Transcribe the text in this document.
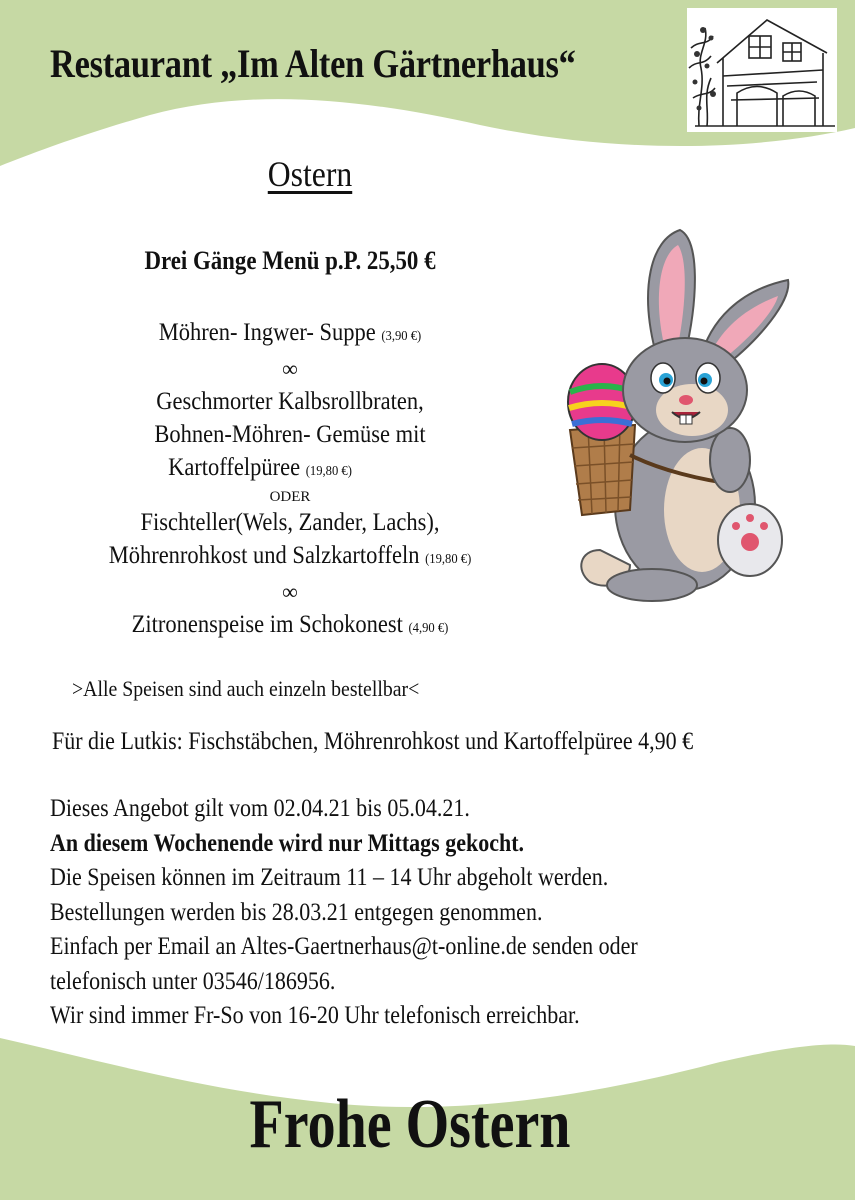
Restaurant „Im Alten Gärtnerhaus“
Ostern
Drei Gänge Menü p.P. 25,50 €
Möhren- Ingwer- Suppe (3,90 €)
∞
Geschmorter Kalbsrollbraten,
Bohnen-Möhren- Gemüse mit
Kartoffelpüree (19,80 €)
ODER
Fischteller(Wels, Zander, Lachs),
Möhrenrohkost und Salzkartoffeln (19,80 €)
∞
Zitronenspeise im Schokonest (4,90 €)
>Alle Speisen sind auch einzeln bestellbar<
Für die Lutkis: Fischstäbchen, Möhrenrohkost und Kartoffelpüree 4,90 €
Dieses Angebot gilt vom 02.04.21 bis 05.04.21.
An diesem Wochenende wird nur Mittags gekocht.
Die Speisen können im Zeitraum 11 – 14 Uhr abgeholt werden.
Bestellungen werden bis 28.03.21 entgegen genommen.
Einfach per Email an Altes-Gaertnerhaus@t-online.de senden oder
telefonisch unter 03546/186956.
Wir sind immer Fr-So von 16-20 Uhr telefonisch erreichbar.
Frohe Ostern
